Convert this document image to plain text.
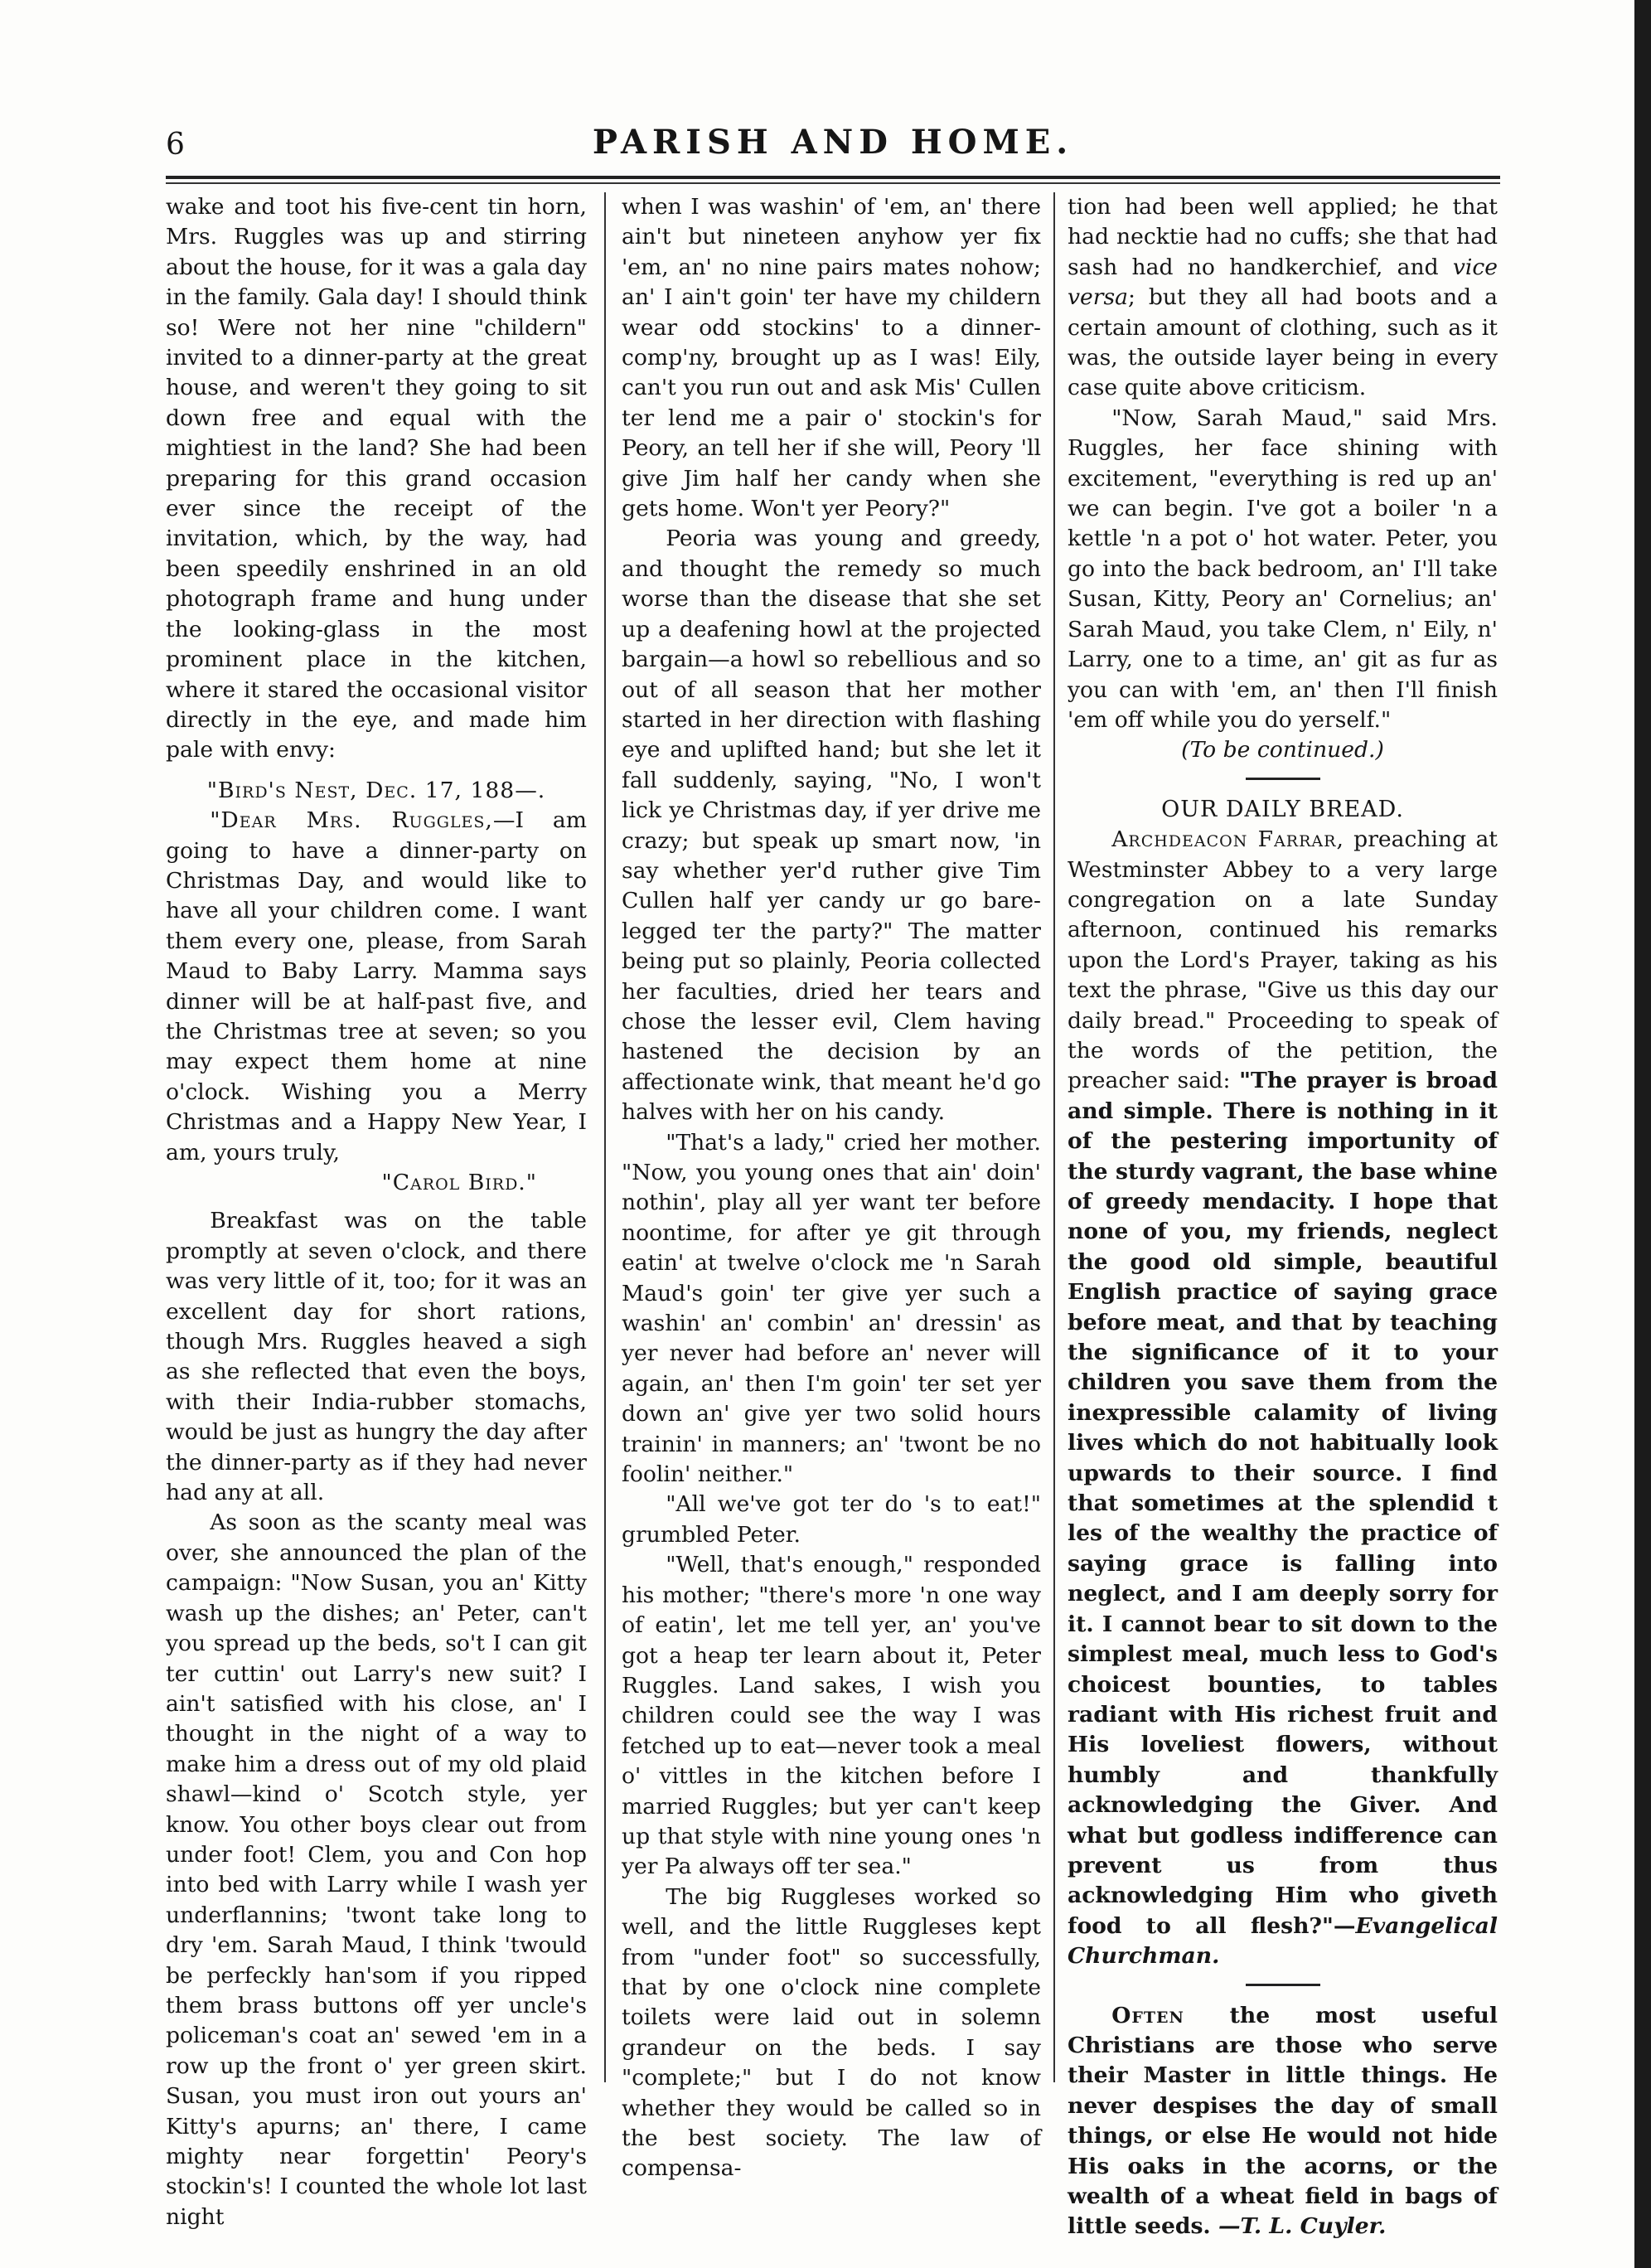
6	PARISH AND HOME.

wake and toot his five-cent tin horn, Mrs. Ruggles was up and stirring about the house, for it was a gala day in the family. Gala day! I should think so! Were not her nine "childern" invited to a dinner-party at the great house, and weren't they going to sit down free and equal with the mightiest in the land? She had been preparing for this grand occasion ever since the receipt of the invitation, which, by the way, had been speedily enshrined in an old photograph frame and hung under the looking-glass in the most prominent place in the kitchen, where it stared the occasional visitor directly in the eye, and made him pale with envy:

"Bird's Nest, Dec. 17, 188—.

"Dear Mrs. Ruggles,—I am going to have a dinner-party on Christmas Day, and would like to have all your children come. I want them every one, please, from Sarah Maud to Baby Larry. Mamma says dinner will be at half-past five, and the Christmas tree at seven; so you may expect them home at nine o'clock. Wishing you a Merry Christmas and a Happy New Year, I am, yours truly,

"Carol Bird."

Breakfast was on the table promptly at seven o'clock, and there was very little of it, too; for it was an excellent day for short rations, though Mrs. Ruggles heaved a sigh as she reflected that even the boys, with their India-rubber stomachs, would be just as hungry the day after the dinner-party as if they had never had any at all.

As soon as the scanty meal was over, she announced the plan of the campaign: "Now Susan, you an' Kitty wash up the dishes; an' Peter, can't you spread up the beds, so't I can git ter cuttin' out Larry's new suit? I ain't satisfied with his close, an' I thought in the night of a way to make him a dress out of my old plaid shawl—kind o' Scotch style, yer know. You other boys clear out from under foot! Clem, you and Con hop into bed with Larry while I wash yer underflannins; 'twont take long to dry 'em. Sarah Maud, I think 'twould be perfeckly han'som if you ripped them brass buttons off yer uncle's policeman's coat an' sewed 'em in a row up the front o' yer green skirt. Susan, you must iron out yours an' Kitty's apurns; an' there, I came mighty near forgettin' Peory's stockin's! I counted the whole lot last night

when I was washin' of 'em, an' there ain't but nineteen anyhow yer fix 'em, an' no nine pairs mates nohow; an' I ain't goin' ter have my childern wear odd stockins' to a dinner-comp'ny, brought up as I was! Eily, can't you run out and ask Mis' Cullen ter lend me a pair o' stockin's for Peory, an tell her if she will, Peory 'll give Jim half her candy when she gets home. Won't yer Peory?"

Peoria was young and greedy, and thought the remedy so much worse than the disease that she set up a deafening howl at the projected bargain—a howl so rebellious and so out of all season that her mother started in her direction with flashing eye and uplifted hand; but she let it fall suddenly, saying, "No, I won't lick ye Christmas day, if yer drive me crazy; but speak up smart now, 'in say whether yer'd ruther give Tim Cullen half yer candy ur go bare-legged ter the party?" The matter being put so plainly, Peoria collected her faculties, dried her tears and chose the lesser evil, Clem having hastened the decision by an affectionate wink, that meant he'd go halves with her on his candy.

"That's a lady," cried her mother. "Now, you young ones that ain' doin' nothin', play all yer want ter before noontime, for after ye git through eatin' at twelve o'clock me 'n Sarah Maud's goin' ter give yer such a washin' an' combin' an' dressin' as yer never had before an' never will again, an' then I'm goin' ter set yer down an' give yer two solid hours trainin' in manners; an' 'twont be no foolin' neither."

"All we've got ter do 's to eat!" grumbled Peter.

"Well, that's enough," responded his mother; "there's more 'n one way of eatin', let me tell yer, an' you've got a heap ter learn about it, Peter Ruggles. Land sakes, I wish you children could see the way I was fetched up to eat—never took a meal o' vittles in the kitchen before I married Ruggles; but yer can't keep up that style with nine young ones 'n yer Pa always off ter sea."

The big Ruggleses worked so well, and the little Ruggleses kept from "under foot" so successfully, that by one o'clock nine complete toilets were laid out in solemn grandeur on the beds. I say "complete;" but I do not know whether they would be called so in the best society. The law of compensa-

tion had been well applied; he that had necktie had no cuffs; she that had sash had no handkerchief, and vice versa; but they all had boots and a certain amount of clothing, such as it was, the outside layer being in every case quite above criticism.

"Now, Sarah Maud," said Mrs. Ruggles, her face shining with excitement, "everything is red up an' we can begin. I've got a boiler 'n a kettle 'n a pot o' hot water. Peter, you go into the back bedroom, an' I'll take Susan, Kitty, Peory an' Cornelius; an' Sarah Maud, you take Clem, n' Eily, n' Larry, one to a time, an' git as fur as you can with 'em, an' then I'll finish 'em off while you do yerself."

(To be continued.)

OUR DAILY BREAD.

Archdeacon Farrar, preaching at Westminster Abbey to a very large congregation on a late Sunday afternoon, continued his remarks upon the Lord's Prayer, taking as his text the phrase, "Give us this day our daily bread." Proceeding to speak of the words of the petition, the preacher said: "The prayer is broad and simple. There is nothing in it of the pestering importunity of the sturdy vagrant, the base whine of greedy mendacity. I hope that none of you, my friends, neglect the good old simple, beautiful English practice of saying grace before meat, and that by teaching the significance of it to your children you save them from the inexpressible calamity of living lives which do not habitually look upwards to their source. I find that sometimes at the splendid t les of the wealthy the practice of saying grace is falling into neglect, and I am deeply sorry for it. I cannot bear to sit down to the simplest meal, much less to God's choicest bounties, to tables radiant with His richest fruit and His loveliest flowers, without humbly and thankfully acknowledging the Giver. And what but godless indifference can prevent us from thus acknowledging Him who giveth food to all flesh?"—Evangelical Churchman.

Often the most useful Christians are those who serve their Master in little things. He never despises the day of small things, or else He would not hide His oaks in the acorns, or the wealth of a wheat field in bags of little seeds. —T. L. Cuyler.
